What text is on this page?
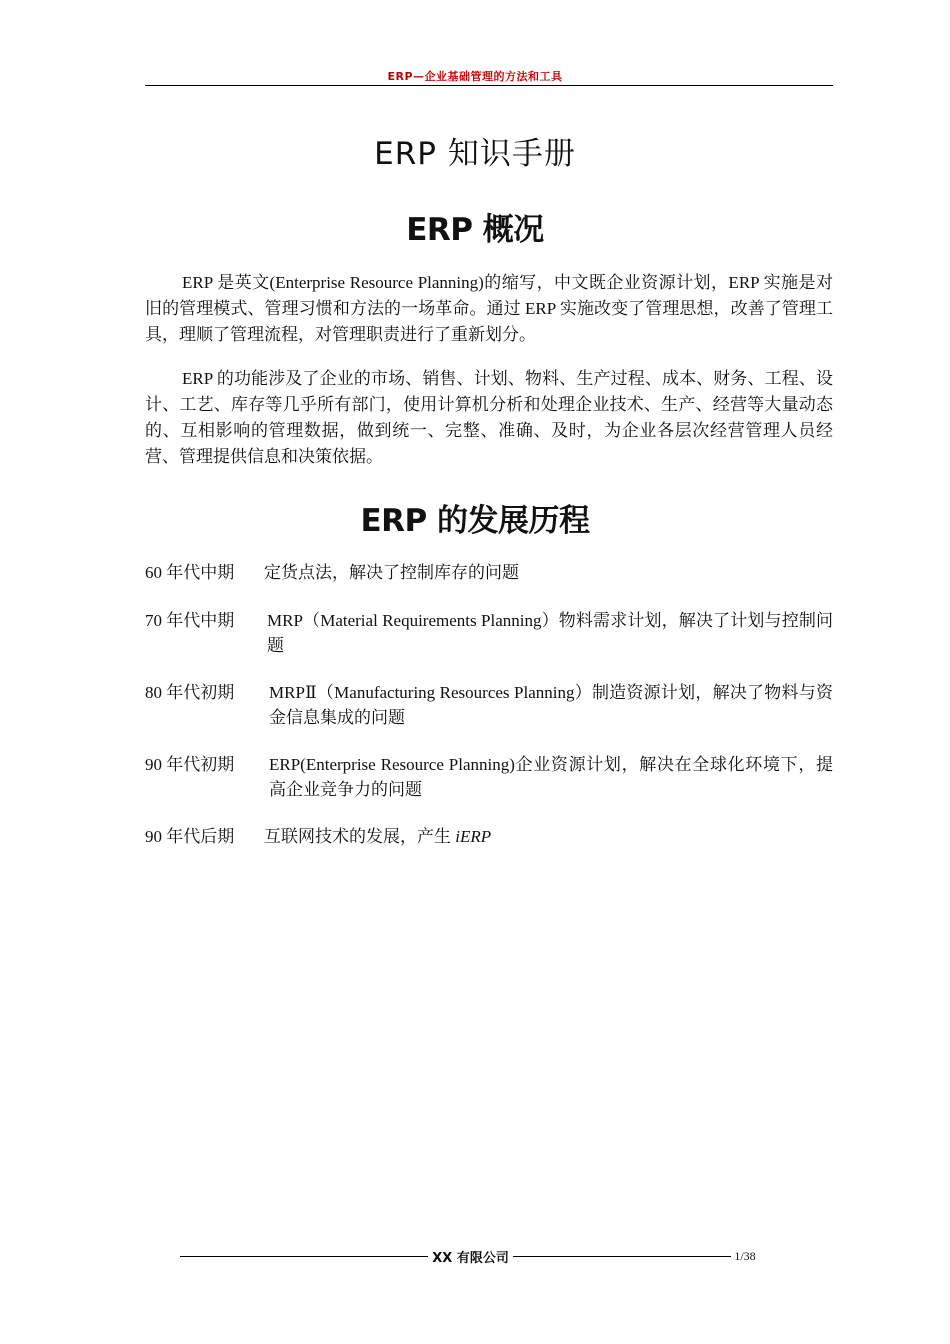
ERP—企业基础管理的方法和工具
ERP 知识手册
ERP 概况

ERP 是英文(Enterprise Resource Planning)的缩写，中文既企业资源计划，ERP 实施是对旧的管理模式、管理习惯和方法的一场革命。通过 ERP 实施改变了管理思想，改善了管理工具，理顺了管理流程，对管理职责进行了重新划分。

ERP 的功能涉及了企业的市场、销售、计划、物料、生产过程、成本、财务、工程、设计、工艺、库存等几乎所有部门，使用计算机分析和处理企业技术、生产、经营等大量动态的、互相影响的管理数据，做到统一、完整、准确、及时，为企业各层次经营管理人员经营、管理提供信息和决策依据。

ERP 的发展历程
60 年代中期 定货点法，解决了控制库存的问题
70 年代中期 MRP（Material Requirements Planning）物料需求计划，解决了计划与控制问题
80 年代初期 MRPⅡ（Manufacturing Resources Planning）制造资源计划，解决了物料与资金信息集成的问题
90 年代初期 ERP(Enterprise Resource Planning)企业资源计划，解决在全球化环境下，提高企业竞争力的问题
90 年代后期 互联网技术的发展，产生 iERP
XX 有限公司	1/38
